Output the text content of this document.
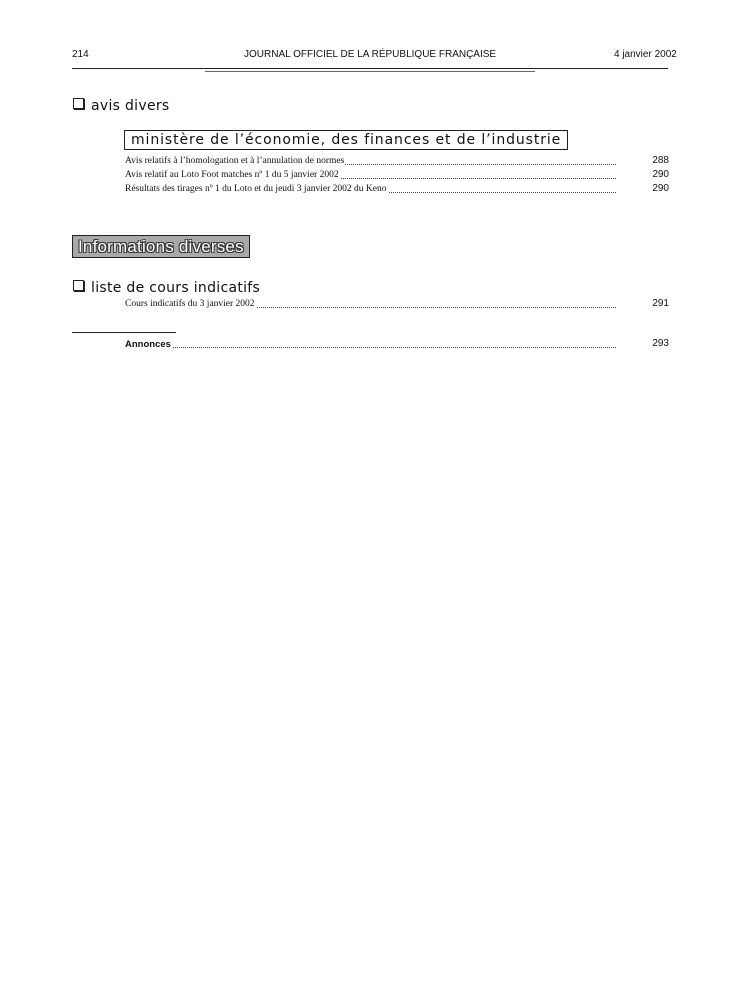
214	JOURNAL OFFICIEL DE LA RÉPUBLIQUE FRANÇAISE	4 janvier 2002
avis divers
ministère de l’économie, des finances et de l’industrie
Avis relatifs à l’homologation et à l’annulation de normes	288
Avis relatif au Loto Foot matches nº 1 du 5 janvier 2002	290
Résultats des tirages nº 1 du Loto et du jeudi 3 janvier 2002 du Keno	290
Informations diverses
liste de cours indicatifs
Cours indicatifs du 3 janvier 2002	291
Annonces	293
